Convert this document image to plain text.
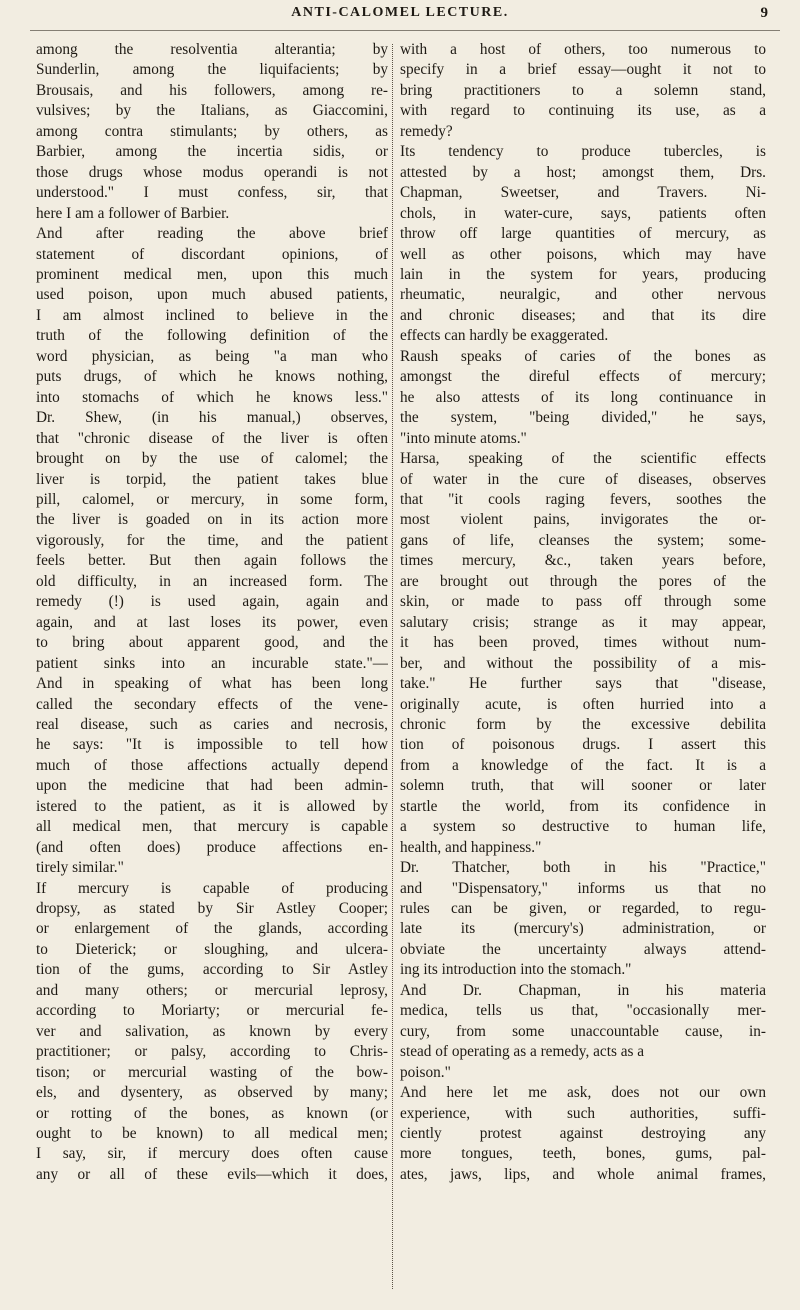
ANTI-CALOMEL LECTURE.	9
among the resolventia alterantia; by
Sunderlin, among the liquifacients; by
Brousais, and his followers, among re-
vulsives; by the Italians, as Giaccomini,
among contra stimulants; by others, as
Barbier, among the incertia sidis, or
those drugs whose modus operandi is not
understood." I must confess, sir, that
here I am a follower of Barbier.
And after reading the above brief
statement of discordant opinions, of
prominent medical men, upon this much
used poison, upon much abused patients,
I am almost inclined to believe in the
truth of the following definition of the
word physician, as being "a man who
puts drugs, of which he knows nothing,
into stomachs of which he knows less."
Dr. Shew, (in his manual,) observes,
that "chronic disease of the liver is often
brought on by the use of calomel; the
liver is torpid, the patient takes blue
pill, calomel, or mercury, in some form,
the liver is goaded on in its action more
vigorously, for the time, and the patient
feels better. But then again follows the
old difficulty, in an increased form. The
remedy (!) is used again, again and
again, and at last loses its power, even
to bring about apparent good, and the
patient sinks into an incurable state."—
And in speaking of what has been long
called the secondary effects of the vene-
real disease, such as caries and necrosis,
he says: "It is impossible to tell how
much of those affections actually depend
upon the medicine that had been admin-
istered to the patient, as it is allowed by
all medical men, that mercury is capable
(and often does) produce affections en-
tirely similar."
If mercury is capable of producing
dropsy, as stated by Sir Astley Cooper;
or enlargement of the glands, according
to Dieterick; or sloughing, and ulcera-
tion of the gums, according to Sir Astley
and many others; or mercurial leprosy,
according to Moriarty; or mercurial fe-
ver and salivation, as known by every
practitioner; or palsy, according to Chris-
tison; or mercurial wasting of the bow-
els, and dysentery, as observed by many;
or rotting of the bones, as known (or
ought to be known) to all medical men;
I say, sir, if mercury does often cause
any or all of these evils—which it does,
with a host of others, too numerous to
specify in a brief essay—ought it not to
bring practitioners to a solemn stand,
with regard to continuing its use, as a
remedy?
Its tendency to produce tubercles, is
attested by a host; amongst them, Drs.
Chapman, Sweetser, and Travers. Ni-
chols, in water-cure, says, patients often
throw off large quantities of mercury, as
well as other poisons, which may have
lain in the system for years, producing
rheumatic, neuralgic, and other nervous
and chronic diseases; and that its dire
effects can hardly be exaggerated.
Raush speaks of caries of the bones as
amongst the direful effects of mercury;
he also attests of its long continuance in
the system, "being divided," he says,
"into minute atoms."
Harsa, speaking of the scientific effects
of water in the cure of diseases, observes
that "it cools raging fevers, soothes the
most violent pains, invigorates the or-
gans of life, cleanses the system; some-
times mercury, &c., taken years before,
are brought out through the pores of the
skin, or made to pass off through some
salutary crisis; strange as it may appear,
it has been proved, times without num-
ber, and without the possibility of a mis-
take." He further says that "disease,
originally acute, is often hurried into a
chronic form by the excessive debilita
tion of poisonous drugs. I assert this
from a knowledge of the fact. It is a
solemn truth, that will sooner or later
startle the world, from its confidence in
a system so destructive to human life,
health, and happiness."
Dr. Thatcher, both in his "Practice,"
and "Dispensatory," informs us that no
rules can be given, or regarded, to regu-
late its (mercury's) administration, or
obviate the uncertainty always attend-
ing its introduction into the stomach."
And Dr. Chapman, in his materia
medica, tells us that, "occasionally mer-
cury, from some unaccountable cause, in-
stead of operating as a remedy, acts as a
poison."
And here let me ask, does not our own
experience, with such authorities, suffi-
ciently protest against destroying any
more tongues, teeth, bones, gums, pal-
ates, jaws, lips, and whole animal frames,
